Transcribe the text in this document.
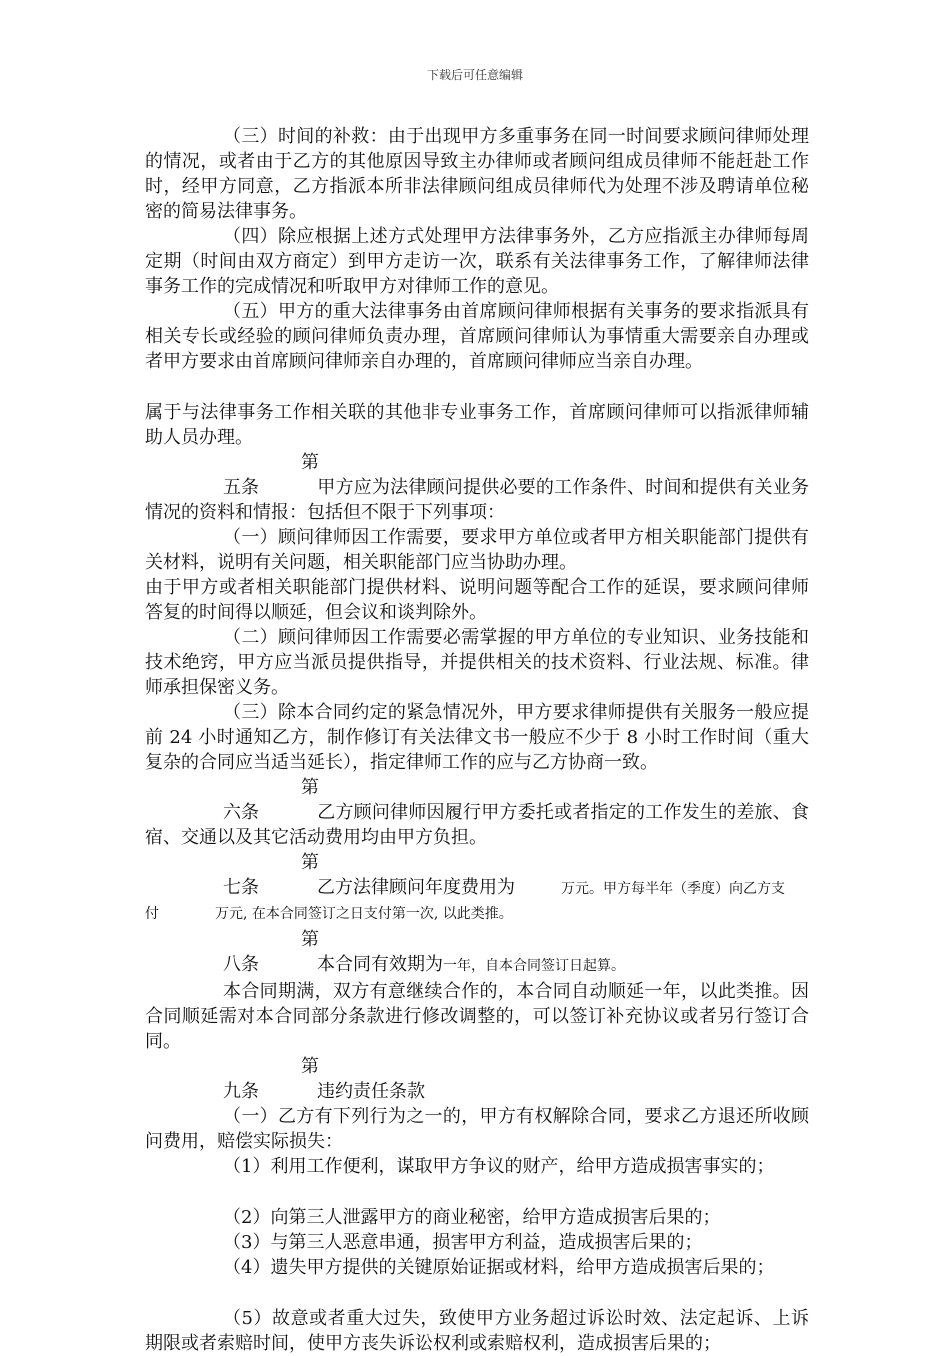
下载后可任意编辑

（三）时间的补救：由于出现甲方多重事务在同一时间要求顾问律师处理的情况，或者由于乙方的其他原因导致主办律师或者顾问组成员律师不能赶赴工作时，经甲方同意，乙方指派本所非法律顾问组成员律师代为处理不涉及聘请单位秘密的简易法律事务。

（四）除应根据上述方式处理甲方法律事务外，乙方应指派主办律师每周定期（时间由双方商定）到甲方走访一次，联系有关法律事务工作，了解律师法律事务工作的完成情况和听取甲方对律师工作的意见。

（五）甲方的重大法律事务由首席顾问律师根据有关事务的要求指派具有相关专长或经验的顾问律师负责办理，首席顾问律师认为事情重大需要亲自办理或者甲方要求由首席顾问律师亲自办理的，首席顾问律师应当亲自办理。

属于与法律事务工作相关联的其他非专业事务工作，首席顾问律师可以指派律师辅助人员办理。

第五条	甲方应为法律顾问提供必要的工作条件、时间和提供有关业务情况的资料和情报：包括但不限于下列事项：

（一）顾问律师因工作需要，要求甲方单位或者甲方相关职能部门提供有关材料，说明有关问题，相关职能部门应当协助办理。

由于甲方或者相关职能部门提供材料、说明问题等配合工作的延误，要求顾问律师答复的时间得以顺延，但会议和谈判除外。

（二）顾问律师因工作需要必需掌握的甲方单位的专业知识、业务技能和技术绝窍，甲方应当派员提供指导，并提供相关的技术资料、行业法规、标准。律师承担保密义务。

（三）除本合同约定的紧急情况外，甲方要求律师提供有关服务一般应提前 24 小时通知乙方，制作修订有关法律文书一般应不少于 8 小时工作时间（重大复杂的合同应当适当延长），指定律师工作的应与乙方协商一致。

第六条	乙方顾问律师因履行甲方委托或者指定的工作发生的差旅、食宿、交通以及其它活动费用均由甲方负担。

第七条	乙方法律顾问年度费用为	万元。甲方每半年（季度）向乙方支

付	万元, 在本合同签订之日支付第一次, 以此类推。

第八条	本合同有效期为一年，自本合同签订日起算。

本合同期满，双方有意继续合作的，本合同自动顺延一年，以此类推。因合同顺延需对本合同部分条款进行修改调整的，可以签订补充协议或者另行签订合同。

第九条	违约责任条款

（一）乙方有下列行为之一的，甲方有权解除合同，要求乙方退还所收顾问费用，赔偿实际损失：

（1）利用工作便利，谋取甲方争议的财产，给甲方造成损害事实的；

（2）向第三人泄露甲方的商业秘密，给甲方造成损害后果的；

（3）与第三人恶意串通，损害甲方利益，造成损害后果的；

（4）遗失甲方提供的关键原始证据或材料，给甲方造成损害后果的；

（5）故意或者重大过失，致使甲方业务超过诉讼时效、法定起诉、上诉期限或者索赔时间，使甲方丧失诉讼权利或索赔权利，造成损害后果的；
